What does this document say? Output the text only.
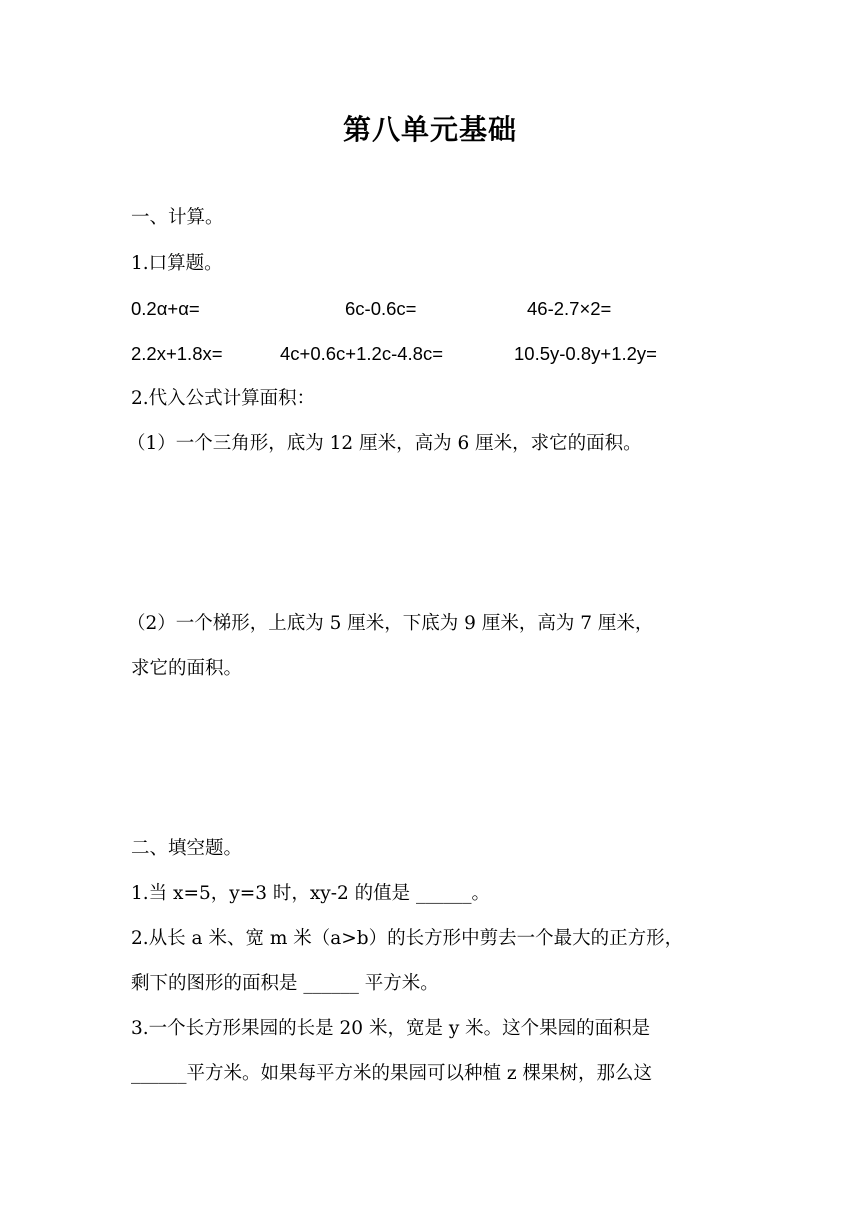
第八单元基础
一、计算。
1.口算题。
0.2α+α=	6c-0.6c=	46-2.7×2=
2.2x+1.8x=	4c+0.6c+1.2c-4.8c=	10.5y-0.8y+1.2y=
2.代入公式计算面积：
（1）一个三角形，底为 12 厘米，高为 6 厘米，求它的面积。
（2）一个梯形，上底为 5 厘米，下底为 9 厘米，高为 7 厘米，
求它的面积。
二、填空题。
1.当 x=5，y=3 时，xy-2 的值是 ______。
2.从长 a 米、宽 m 米（a>b）的长方形中剪去一个最大的正方形，
剩下的图形的面积是 ______ 平方米。
3.一个长方形果园的长是 20 米，宽是 y 米。这个果园的面积是
______平方米。如果每平方米的果园可以种植 z 棵果树，那么这
